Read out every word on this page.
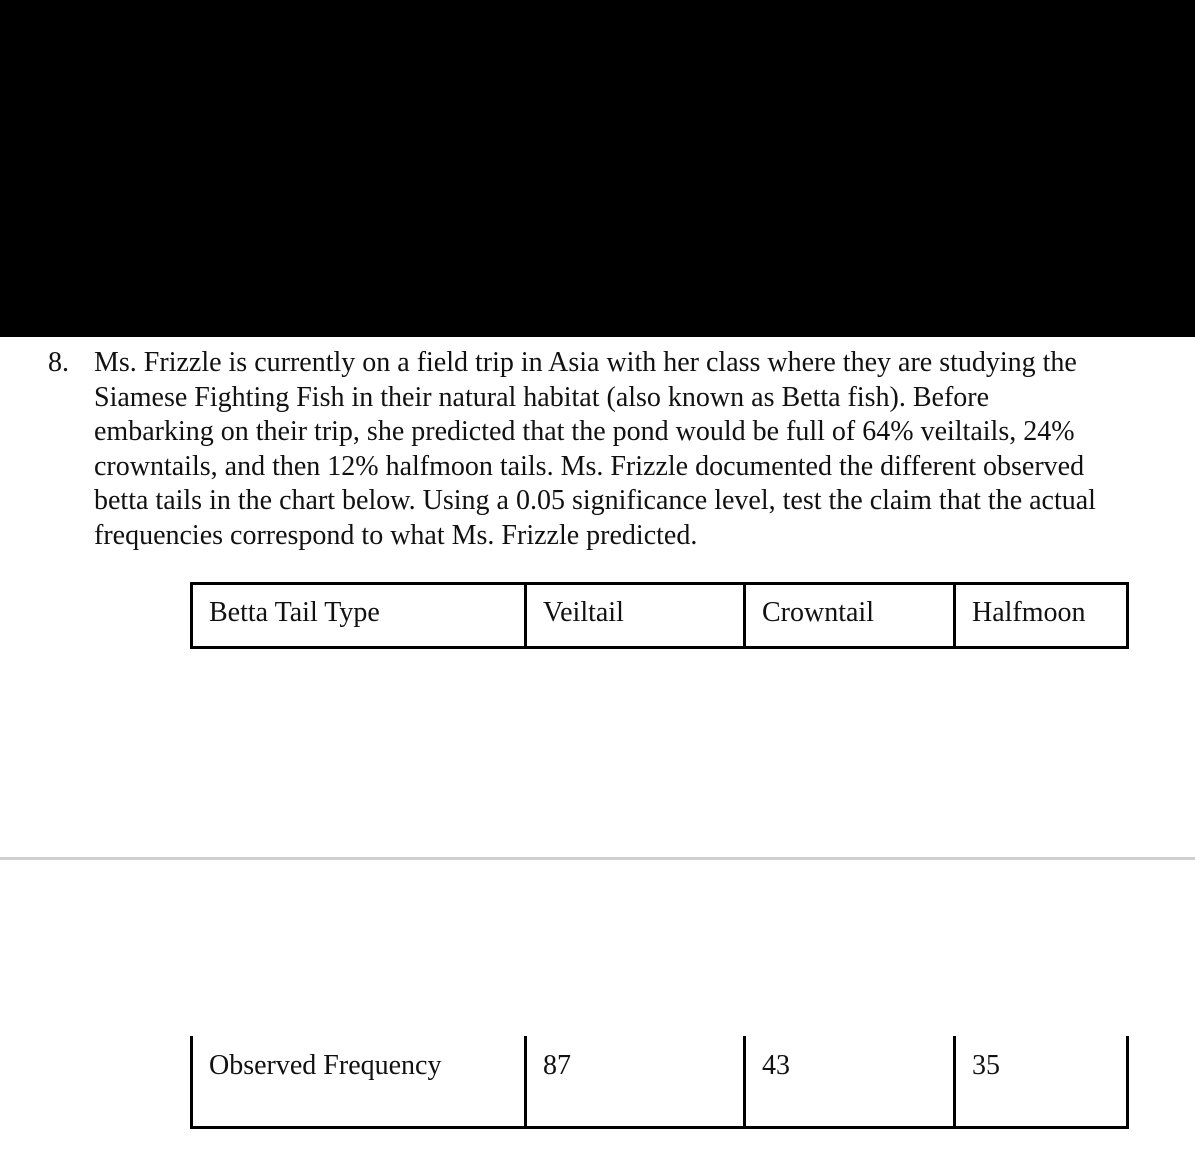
8. Ms. Frizzle is currently on a field trip in Asia with her class where they are studying the
Siamese Fighting Fish in their natural habitat (also known as Betta fish). Before
embarking on their trip, she predicted that the pond would be full of 64% veiltails, 24%
crowntails, and then 12% halfmoon tails. Ms. Frizzle documented the different observed
betta tails in the chart below. Using a 0.05 significance level, test the claim that the actual
frequencies correspond to what Ms. Frizzle predicted.
Betta Tail Type	Veiltail	Crowntail	Halfmoon
Observed Frequency	87	43	35
